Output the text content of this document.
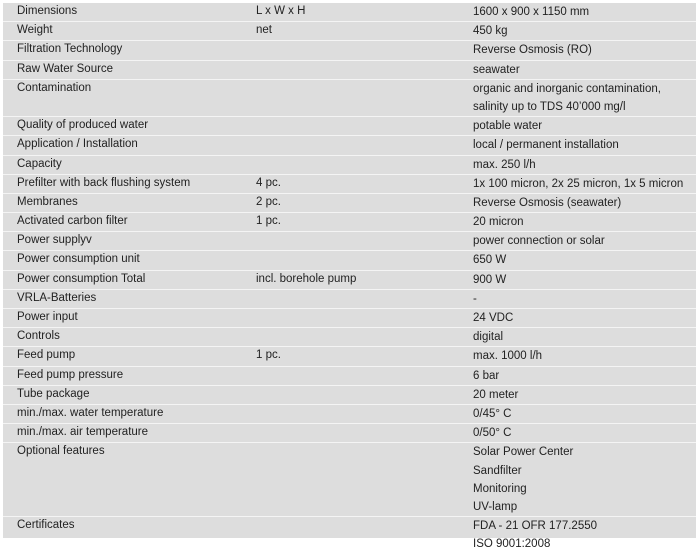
Dimensions	L x W x H	1600 x 900 x 1150 mm

Weight	net	450 kg

Filtration Technology		Reverse Osmosis (RO)

Raw Water Source		seawater

Contamination		organic and inorganic contamination,
salinity up to TDS 40’000 mg/l

Quality of produced water		potable water

Application / Installation		local / permanent installation

Capacity		max. 250 l/h

Prefilter with back flushing system	4 pc.	1x 100 micron, 2x 25 micron, 1x 5 micron

Membranes	2 pc.	Reverse Osmosis (seawater)

Activated carbon filter	1 pc.	20 micron

Power supplyv		power connection or solar

Power consumption unit		650 W

Power consumption Total	incl. borehole pump	900 W

VRLA-Batteries		-

Power input		24 VDC

Controls		digital

Feed pump	1 pc.	max. 1000 l/h

Feed pump pressure		6 bar

Tube package		20 meter

min./max. water temperature		0/45° C

min./max. air temperature		0/50° C

Optional features		Solar Power Center
Sandfilter
Monitoring
UV-lamp

Certificates		FDA - 21 OFR 177.2550
ISO 9001:2008
